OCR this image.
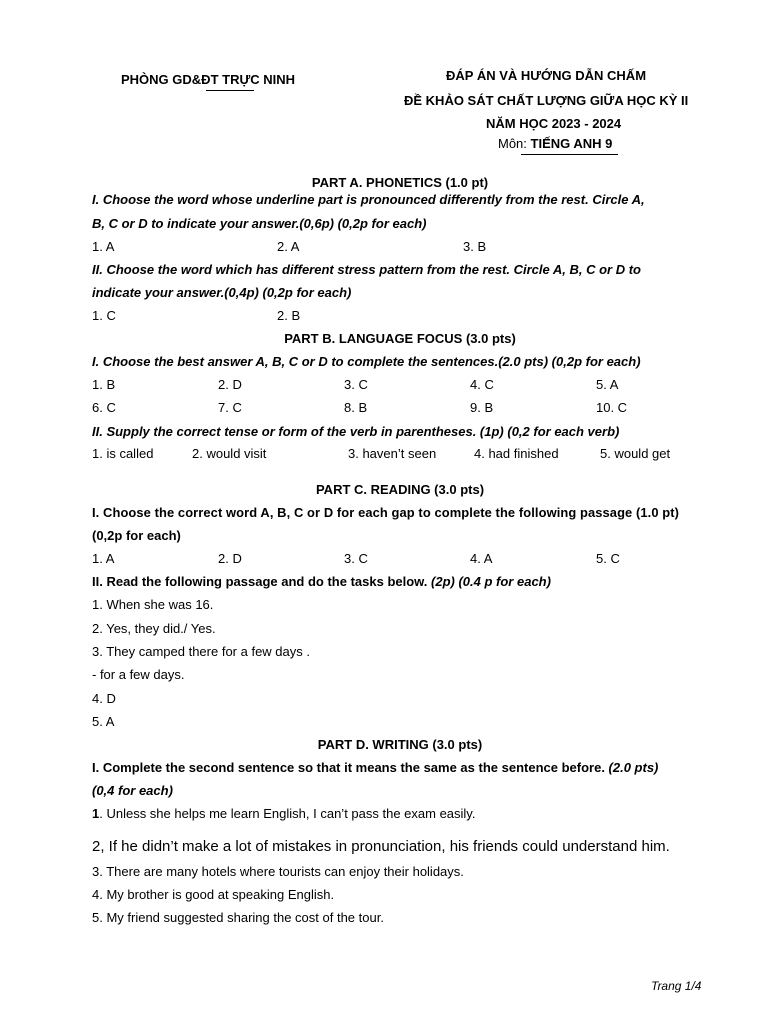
PHÒNG GD&ĐT TRỰC NINH	ĐÁP ÁN VÀ HƯỚNG DẪN CHẤM
ĐỀ KHẢO SÁT CHẤT LƯỢNG GIỮA HỌC KỲ II
NĂM HỌC 2023 - 2024
Môn: TIẾNG ANH 9
PART A. PHONETICS (1.0 pt)
I. Choose the word whose underline part is pronounced differently from the rest. Circle A,
B, C or D to indicate your answer.(0,6p) (0,2p for each)
1. A	2. A	3. B
II. Choose the word which has different stress pattern from the rest. Circle A, B, C or D to
indicate your answer.(0,4p) (0,2p for each)
1. C	2. B
PART B. LANGUAGE FOCUS (3.0 pts)
I. Choose the best answer A, B, C or D to complete the sentences.(2.0 pts) (0,2p for each)
1. B	2. D	3. C	4. C	5. A
6. C	7. C	8. B	9. B	10. C
II. Supply the correct tense or form of the verb in parentheses. (1p) (0,2 for each verb)
1. is called	2. would visit	3. haven’t seen	4. had finished	5. would get
PART C. READING (3.0 pts)
I. Choose the correct word A, B, C or D for each gap to complete the following passage (1.0 pt)
(0,2p for each)
1. A	2. D	3. C	4. A	5. C
II. Read the following passage and do the tasks below. (2p) (0.4 p for each)
1. When she was 16.
2. Yes, they did./ Yes.
3. They camped there for a few days .
- for a few days.
4. D
5. A
PART D. WRITING (3.0 pts)
I. Complete the second sentence so that it means the same as the sentence before. (2.0 pts)
(0,4 for each)
1. Unless she helps me learn English, I can’t pass the exam easily.
2, If he didn’t make a lot of mistakes in pronunciation, his friends could understand him.
3. There are many hotels where tourists can enjoy their holidays.
4. My brother is good at speaking English.
5. My friend suggested sharing the cost of the tour.
Trang 1/4
